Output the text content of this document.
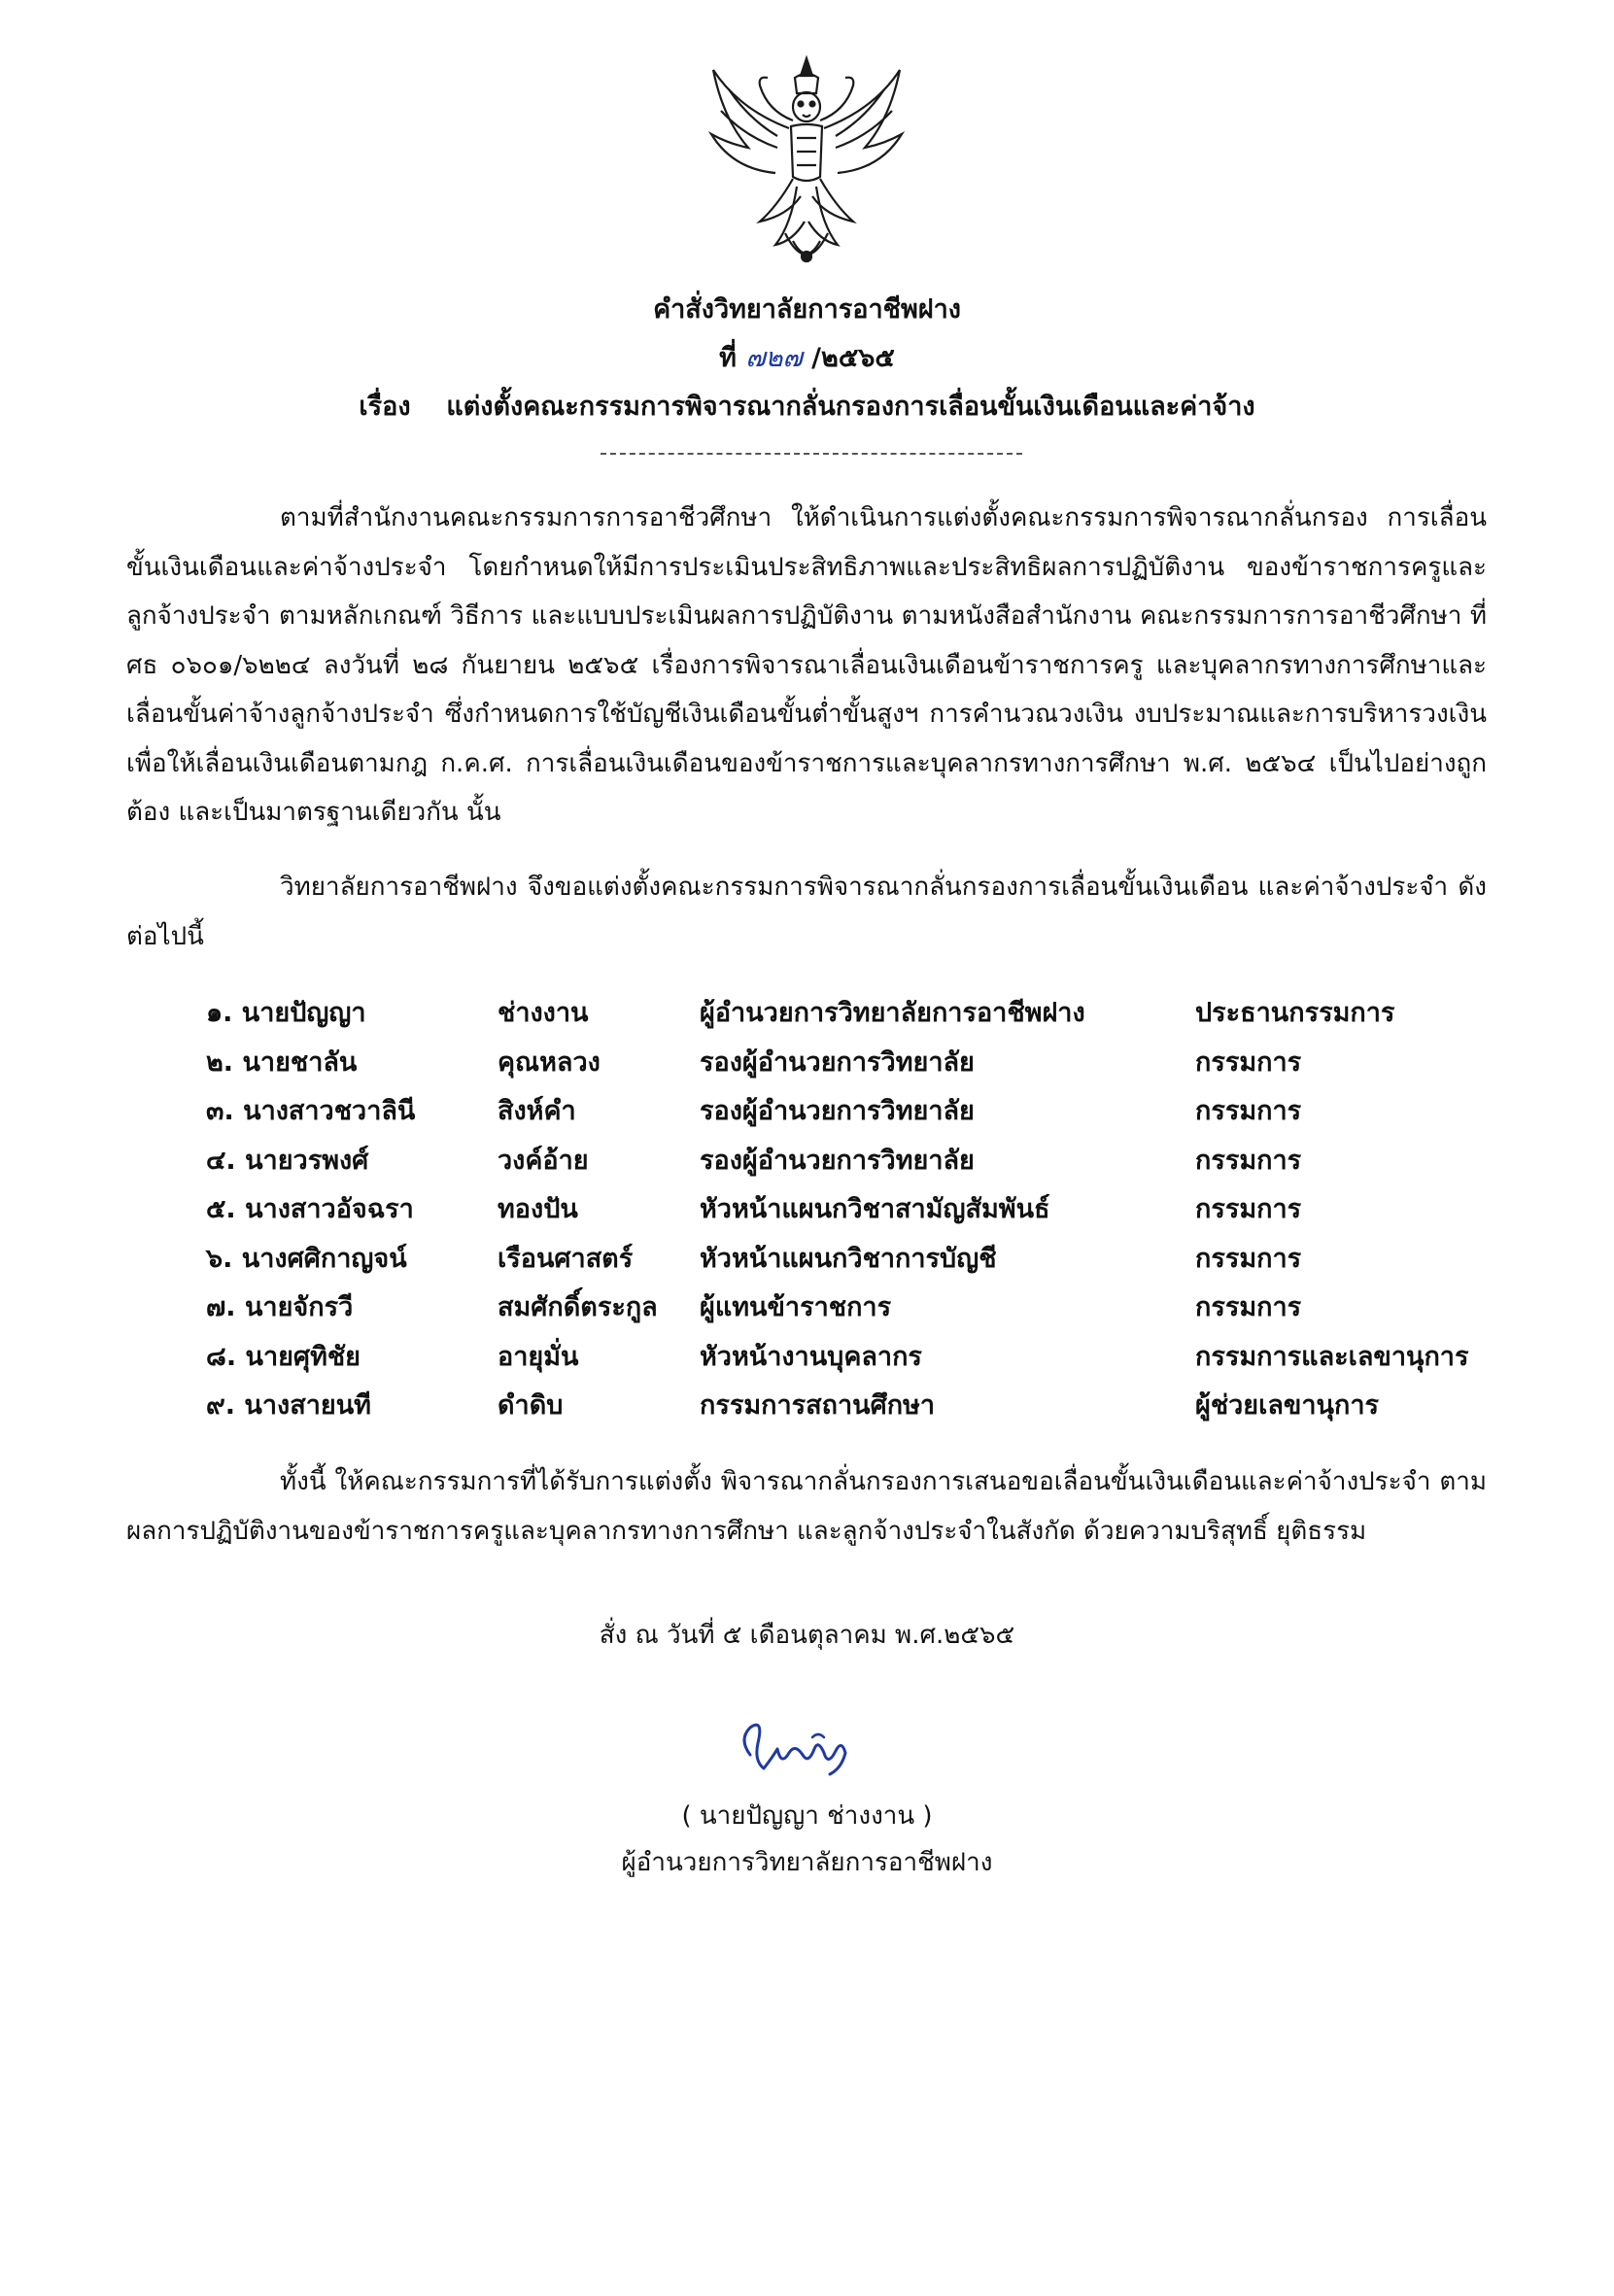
คำสั่งวิทยาลัยการอาชีพฝาง
ที่ ๗๒๗ /๒๕๖๕
เรื่อง แต่งตั้งคณะกรรมการพิจารณากลั่นกรองการเลื่อนขั้นเงินเดือนและค่าจ้าง
ตามที่สำนักงานคณะกรรมการการอาชีวศึกษา ให้ดำเนินการแต่งตั้งคณะกรรมการพิจารณากลั่นกรอง การเลื่อนขั้นเงินเดือนและค่าจ้างประจำ โดยกำหนดให้มีการประเมินประสิทธิภาพและประสิทธิผลการปฏิบัติงาน ของข้าราชการครูและลูกจ้างประจำ ตามหลักเกณฑ์ วิธีการ และแบบประเมินผลการปฏิบัติงาน ตามหนังสือสำนักงาน คณะกรรมการการอาชีวศึกษา ที่ ศธ ๐๖๐๑/๖๒๒๔ ลงวันที่ ๒๘ กันยายน ๒๕๖๕ เรื่องการพิจารณาเลื่อนเงินเดือนข้าราชการครู และบุคลากรทางการศึกษาและเลื่อนขั้นค่าจ้างลูกจ้างประจำ ซึ่งกำหนดการใช้บัญชีเงินเดือนขั้นต่ำขั้นสูงฯ การคำนวณวงเงิน งบประมาณและการบริหารวงเงิน เพื่อให้เลื่อนเงินเดือนตามกฎ ก.ค.ศ. การเลื่อนเงินเดือนของข้าราชการและบุคลากรทางการศึกษา พ.ศ. ๒๕๖๔ เป็นไปอย่างถูกต้อง และเป็นมาตรฐานเดียวกัน นั้น
วิทยาลัยการอาชีพฝาง จึงขอแต่งตั้งคณะกรรมการพิจารณากลั่นกรองการเลื่อนขั้นเงินเดือน และค่าจ้างประจำ ดังต่อไปนี้
๑. นายปัญญา	ช่างงาน	ผู้อำนวยการวิทยาลัยการอาชีพฝาง	ประธานกรรมการ
๒. นายชาลัน	คุณหลวง	รองผู้อำนวยการวิทยาลัย	กรรมการ
๓. นางสาวชวาลินี	สิงห์คำ	รองผู้อำนวยการวิทยาลัย	กรรมการ
๔. นายวรพงศ์	วงค์อ้าย	รองผู้อำนวยการวิทยาลัย	กรรมการ
๕. นางสาวอัจฉรา	ทองปัน	หัวหน้าแผนกวิชาสามัญสัมพันธ์	กรรมการ
๖. นางศศิกาญจน์	เรือนศาสตร์	หัวหน้าแผนกวิชาการบัญชี	กรรมการ
๗. นายจักรวี	สมศักดิ์ตระกูล	ผู้แทนข้าราชการ	กรรมการ
๘. นายศุทิชัย	อายุมั่น	หัวหน้างานบุคลากร	กรรมการและเลขานุการ
๙. นางสายนที	ดำดิบ	กรรมการสถานศึกษา	ผู้ช่วยเลขานุการ
ทั้งนี้ ให้คณะกรรมการที่ได้รับการแต่งตั้ง พิจารณากลั่นกรองการเสนอขอเลื่อนขั้นเงินเดือนและค่าจ้างประจำ ตามผลการปฏิบัติงานของข้าราชการครูและบุคลากรทางการศึกษา และลูกจ้างประจำในสังกัด ด้วยความบริสุทธิ์ ยุติธรรม
สั่ง ณ วันที่ ๕ เดือนตุลาคม พ.ศ.๒๕๖๕
( นายปัญญา ช่างงาน )
ผู้อำนวยการวิทยาลัยการอาชีพฝาง
